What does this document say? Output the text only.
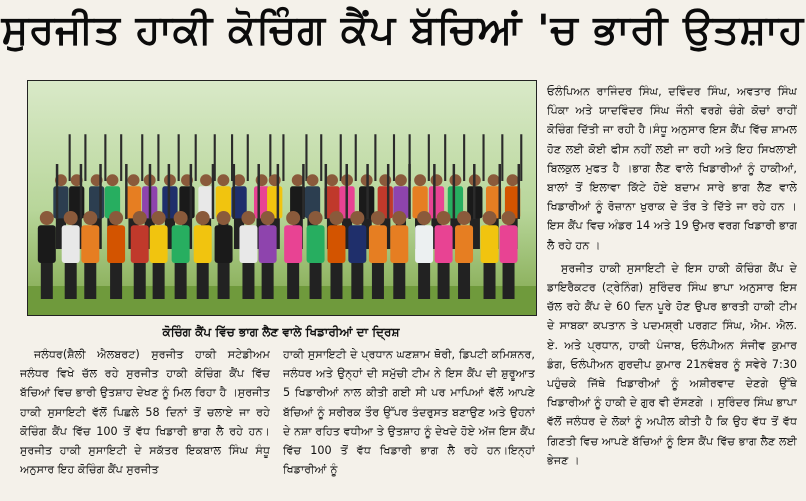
ਸੁਰਜੀਤ ਹਾਕੀ ਕੋਚਿੰਗ ਕੈਂਪ ਬੱਚਿਆਂ 'ਚ ਭਾਰੀ ਉਤਸ਼ਾਹ
ਕੋਚਿੰਗ ਕੈਂਪ ਵਿੱਚ ਭਾਗ ਲੈਣ ਵਾਲੇ ਖਿਡਾਰੀਆਂ ਦਾ ਦ੍ਰਿਸ਼

ਜਲੰਧਰ(ਸ਼ੈਲੀ ਐਲਬਰਟ) ਸੁਰਜੀਤ ਹਾਕੀ ਸਟੇਡੀਅਮ ਜਲੰਧਰ ਵਿਖੇ ਚੱਲ ਰਹੇ ਸੁਰਜੀਤ ਹਾਕੀ ਕੋਚਿੰਗ ਕੈਂਪ ਵਿੱਚ ਬੱਚਿਆਂ ਵਿਚ ਭਾਰੀ ਉਤਸ਼ਾਹ ਦੇਖਣ ਨੂੰ ਮਿਲ ਰਿਹਾ ਹੈ ।ਸੁਰਜੀਤ ਹਾਕੀ ਸੁਸਾਇਟੀ ਵੱਲੋਂ ਪਿਛਲੇ 58 ਦਿਨਾਂ ਤੋਂ ਚਲਾਏ ਜਾ ਰਹੇ ਕੋਚਿੰਗ ਕੈਂਪ ਵਿੱਚ 100 ਤੋਂ ਵੱਧ ਖਿਡਾਰੀ ਭਾਗ ਲੈ ਰਹੇ ਹਨ।ਸੁਰਜੀਤ ਹਾਕੀ ਸੁਸਾਇਟੀ ਦੇ ਸਕੱਤਰ ਇਕਬਾਲ ਸਿੰਘ ਸੰਧੂ ਅਨੁਸਾਰ ਇਹ ਕੋਚਿੰਗ ਕੈਂਪ ਸੁਰਜੀਤ

ਹਾਕੀ ਸੁਸਾਇਟੀ ਦੇ ਪ੍ਰਧਾਨ ਘਣਸ਼ਾਮ ਥੋਰੀ, ਡਿਪਟੀ ਕਮਿਸ਼ਨਰ, ਜਲੰਧਰ ਅਤੇ ਉਨ੍ਹਾਂ ਦੀ ਸਮੁੱਚੀ ਟੀਮ ਨੇ ਇਸ ਕੈਂਪ ਦੀ ਸ਼ੁਰੂਆਤ 5 ਖਿਡਾਰੀਆਂ ਨਾਲ ਕੀਤੀ ਗਈ ਸੀ ਪਰ ਮਾਪਿਆਂ ਵੱਲੋਂ ਆਪਣੇ ਬੱਚਿਆਂ ਨੂੰ ਸਰੀਰਕ ਤੌਰ ਉੱਪਰ ਤੰਦਰੁਸਤ ਬਣਾਉਣ ਅਤੇ ਉਹਨਾਂ ਦੇ ਨਸ਼ਾ ਰਹਿਤ ਵਧੀਆ ਤੇ ਉਤਸ਼ਾਹ ਨੂੰ ਦੇਖਦੇ ਹੋਏ ਅੱਜ ਇਸ ਕੈਂਪ ਵਿੱਚ 100 ਤੋਂ ਵੱਧ ਖਿਡਾਰੀ ਭਾਗ ਲੈ ਰਹੇ ਹਨ।ਇਨ੍ਹਾਂ ਖਿਡਾਰੀਆਂ ਨੂੰ

ਓਲੰਪਿਅਨ ਰਾਜਿੰਦਰ ਸਿੰਘ, ਦਵਿੰਦਰ ਸਿੰਘ, ਅਵਤਾਰ ਸਿੰਘ ਪਿੰਕਾ ਅਤੇ ਯਾਦਵਿੰਦਰ ਸਿੰਘ ਜੌਨੀ ਵਰਗੇ ਚੰਗੇ ਕੋਚਾਂ ਰਾਹੀਂ ਕੋਚਿੰਗ ਦਿੱਤੀ ਜਾ ਰਹੀ ਹੈ।ਸੰਧੂ ਅਨੁਸਾਰ ਇਸ ਕੈਂਪ ਵਿੱਚ ਸ਼ਾਮਲ ਹੋਣ ਲਈ ਕੋਈ ਫੀਸ ਨਹੀਂ ਲਈ ਜਾ ਰਹੀ ਅਤੇ ਇਹ ਸਿਖਲਾਈ ਬਿਲਕੁਲ ਮੁਫਤ ਹੈ ।ਭਾਗ ਲੈਣ ਵਾਲੇ ਖਿਡਾਰੀਆਂ ਨੂੰ ਹਾਕੀਆਂ, ਬਾਲਾਂ ਤੋਂ ਇਲਾਵਾ ਕਿੱਟੇ ਹੋਏ ਬਦਾਮ ਸਾਰੇ ਭਾਗ ਲੈਣ ਵਾਲੇ ਖਿਡਾਰੀਆਂ ਨੂੰ ਰੋਜ਼ਾਨਾ ਖੁਰਾਕ ਦੇ ਤੌਰ ਤੇ ਦਿੱਤੇ ਜਾ ਰਹੇ ਹਨ । ਇਸ ਕੈਂਪ ਵਿਚ ਅੰਡਰ 14 ਅਤੇ 19 ਉਮਰ ਵਰਗ ਖਿਡਾਰੀ ਭਾਗ ਲੈ ਰਹੇ ਹਨ ।

ਸੁਰਜੀਤ ਹਾਕੀ ਸੁਸਾਇਟੀ ਦੇ ਇਸ ਹਾਕੀ ਕੋਚਿੰਗ ਕੈਂਪ ਦੇ ਡਾਇਰੈਕਟਰ (ਟ੍ਰੇਨਿੰਗ) ਸੁਰਿੰਦਰ ਸਿੰਘ ਭਾਪਾ ਅਨੁਸਾਰ ਇਸ ਚੱਲ ਰਹੇ ਕੈਂਪ ਦੇ 60 ਦਿਨ ਪੂਰੇ ਹੋਣ ਉਪਰ ਭਾਰਤੀ ਹਾਕੀ ਟੀਮ ਦੇ ਸਾਬਕਾ ਕਪਤਾਨ ਤੇ ਪਦਮਸ਼੍ਰੀ ਪਰਗਟ ਸਿੰਘ, ਐਮ. ਐਲ. ਏ. ਅਤੇ ਪ੍ਰਧਾਨ, ਹਾਕੀ ਪੰਜਾਬ, ਓਲੰਪੀਅਨ ਸੰਜੀਵ ਕੁਮਾਰ ਡੰਗ, ਓਲੰਪੀਅਨ ਗੁਰਦੀਪ ਕੁਮਾਰ 21ਨਵੰਬਰ ਨੂੰ ਸਵੇਰੇ 7:30 ਪਹੁੰਚਕੇ ਜਿੱਥੇ ਖਿਡਾਰੀਆਂ ਨੂੰ ਅਸ਼ੀਰਵਾਦ ਦੇਣਗੇ ਉੱਥੇ ਖਿਡਾਰੀਆਂ ਨੂੰ ਹਾਕੀ ਦੇ ਗੁਰ ਵੀ ਦੱਸਣਗੇ । ਸੁਰਿੰਦਰ ਸਿੰਘ ਭਾਪਾ ਵੱਲੋਂ ਜਲੰਧਰ ਦੇ ਲੋਕਾਂ ਨੂੰ ਅਪੀਲ ਕੀਤੀ ਹੈ ਕਿ ਉਹ ਵੱਧ ਤੋਂ ਵੱਧ ਗਿਣਤੀ ਵਿਚ ਆਪਣੇ ਬੱਚਿਆਂ ਨੂੰ ਇਸ ਕੈਂਪ ਵਿੱਚ ਭਾਗ ਲੈਣ ਲਈ ਭੇਜਣ ।
